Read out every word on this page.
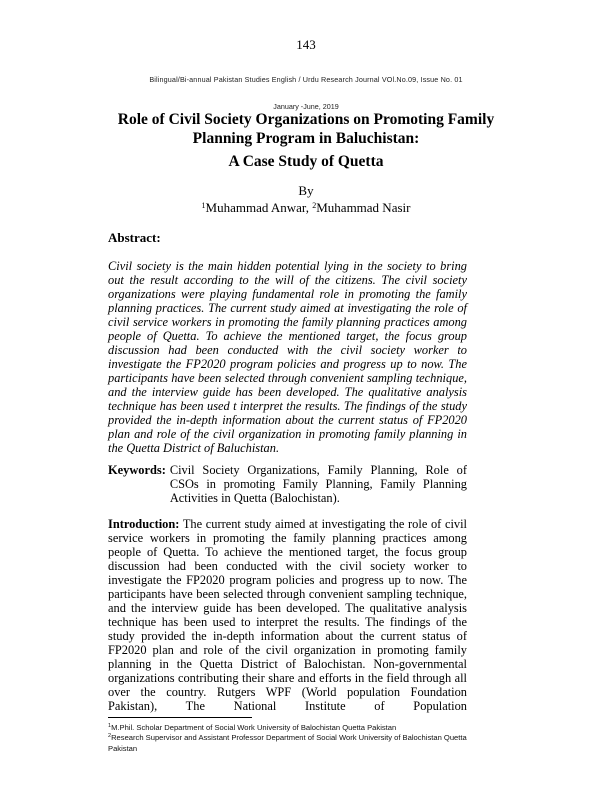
143
Bilingual/Bi-annual Pakistan Studies English / Urdu Research Journal VOl.No.09, Issue No. 01
January -June, 2019
Role of Civil Society Organizations on Promoting Family Planning Program in Baluchistan:
A Case Study of Quetta
By
$^1$Muhammad Anwar, $^2$Muhammad Nasir
Abstract:
Civil society is the main hidden potential lying in the society to bring out the result according to the will of the citizens. The civil society organizations were playing fundamental role in promoting the family planning practices. The current study aimed at investigating the role of civil service workers in promoting the family planning practices among people of Quetta. To achieve the mentioned target, the focus group discussion had been conducted with the civil society worker to investigate the FP2020 program policies and progress up to now. The participants have been selected through convenient sampling technique, and the interview guide has been developed. The qualitative analysis technique has been used t interpret the results. The findings of the study provided the in-depth information about the current status of FP2020 plan and role of the civil organization in promoting family planning in the Quetta District of Baluchistan.
Keywords: Civil Society Organizations, Family Planning, Role of CSOs in promoting Family Planning, Family Planning Activities in Quetta (Balochistan).
Introduction: The current study aimed at investigating the role of civil service workers in promoting the family planning practices among people of Quetta. To achieve the mentioned target, the focus group discussion had been conducted with the civil society worker to investigate the FP2020 program policies and progress up to now. The participants have been selected through convenient sampling technique, and the interview guide has been developed. The qualitative analysis technique has been used to interpret the results. The findings of the study provided the in-depth information about the current status of FP2020 plan and role of the civil organization in promoting family planning in the Quetta District of Balochistan. Non-governmental organizations contributing their share and efforts in the field through all over the country. Rutgers WPF (World population Foundation Pakistan), The National Institute of Population
$^1$M.Phil. Scholar Department of Social Work University of Balochistan Quetta Pakistan
$^2$Research Supervisor and Assistant Professor Department of Social Work University of Balochistan Quetta Pakistan
